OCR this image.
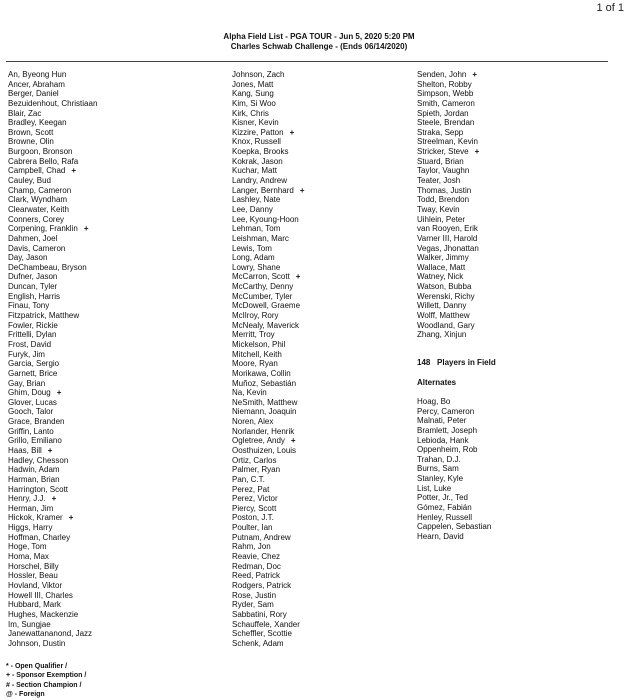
1 of 1
Alpha Field List - PGA TOUR - Jun 5, 2020 5:20 PM
Charles Schwab Challenge - (Ends 06/14/2020)
An, Byeong Hun
Ancer, Abraham
Berger, Daniel
Bezuidenhout, Christiaan
Blair, Zac
Bradley, Keegan
Brown, Scott
Browne, Olin
Burgoon, Bronson
Cabrera Bello, Rafa
Campbell, Chad +
Cauley, Bud
Champ, Cameron
Clark, Wyndham
Clearwater, Keith
Conners, Corey
Corpening, Franklin +
Dahmen, Joel
Davis, Cameron
Day, Jason
DeChambeau, Bryson
Dufner, Jason
Duncan, Tyler
English, Harris
Finau, Tony
Fitzpatrick, Matthew
Fowler, Rickie
Frittelli, Dylan
Frost, David
Furyk, Jim
Garcia, Sergio
Garnett, Brice
Gay, Brian
Ghim, Doug +
Glover, Lucas
Gooch, Talor
Grace, Branden
Griffin, Lanto
Grillo, Emiliano
Haas, Bill +
Hadley, Chesson
Hadwin, Adam
Harman, Brian
Harrington, Scott
Henry, J.J. +
Herman, Jim
Hickok, Kramer +
Higgs, Harry
Hoffman, Charley
Hoge, Tom
Homa, Max
Horschel, Billy
Hossler, Beau
Hovland, Viktor
Howell III, Charles
Hubbard, Mark
Hughes, Mackenzie
Im, Sungjae
Janewattananond, Jazz
Johnson, Dustin
Johnson, Zach
Jones, Matt
Kang, Sung
Kim, Si Woo
Kirk, Chris
Kisner, Kevin
Kizzire, Patton +
Knox, Russell
Koepka, Brooks
Kokrak, Jason
Kuchar, Matt
Landry, Andrew
Langer, Bernhard +
Lashley, Nate
Lee, Danny
Lee, Kyoung-Hoon
Lehman, Tom
Leishman, Marc
Lewis, Tom
Long, Adam
Lowry, Shane
McCarron, Scott +
McCarthy, Denny
McCumber, Tyler
McDowell, Graeme
McIlroy, Rory
McNealy, Maverick
Merritt, Troy
Mickelson, Phil
Mitchell, Keith
Moore, Ryan
Morikawa, Collin
Muñoz, Sebastián
Na, Kevin
NeSmith, Matthew
Niemann, Joaquin
Noren, Alex
Norlander, Henrik
Ogletree, Andy +
Oosthuizen, Louis
Ortiz, Carlos
Palmer, Ryan
Pan, C.T.
Perez, Pat
Perez, Victor
Piercy, Scott
Poston, J.T.
Poulter, Ian
Putnam, Andrew
Rahm, Jon
Reavie, Chez
Redman, Doc
Reed, Patrick
Rodgers, Patrick
Rose, Justin
Ryder, Sam
Sabbatini, Rory
Schauffele, Xander
Scheffler, Scottie
Schenk, Adam
Senden, John +
Shelton, Robby
Simpson, Webb
Smith, Cameron
Spieth, Jordan
Steele, Brendan
Straka, Sepp
Streelman, Kevin
Stricker, Steve +
Stuard, Brian
Taylor, Vaughn
Teater, Josh
Thomas, Justin
Todd, Brendon
Tway, Kevin
Uihlein, Peter
van Rooyen, Erik
Varner III, Harold
Vegas, Jhonattan
Walker, Jimmy
Wallace, Matt
Watney, Nick
Watson, Bubba
Werenski, Richy
Willett, Danny
Wolff, Matthew
Woodland, Gary
Zhang, Xinjun
148 Players in Field
Alternates
Hoag, Bo
Percy, Cameron
Malnati, Peter
Bramlett, Joseph
Lebioda, Hank
Oppenheim, Rob
Trahan, D.J.
Burns, Sam
Stanley, Kyle
List, Luke
Potter, Jr., Ted
Gómez, Fabián
Henley, Russell
Cappelen, Sebastian
Hearn, David
* - Open Qualifier /
+ - Sponsor Exemption /
# - Section Champion /
@ - Foreign
